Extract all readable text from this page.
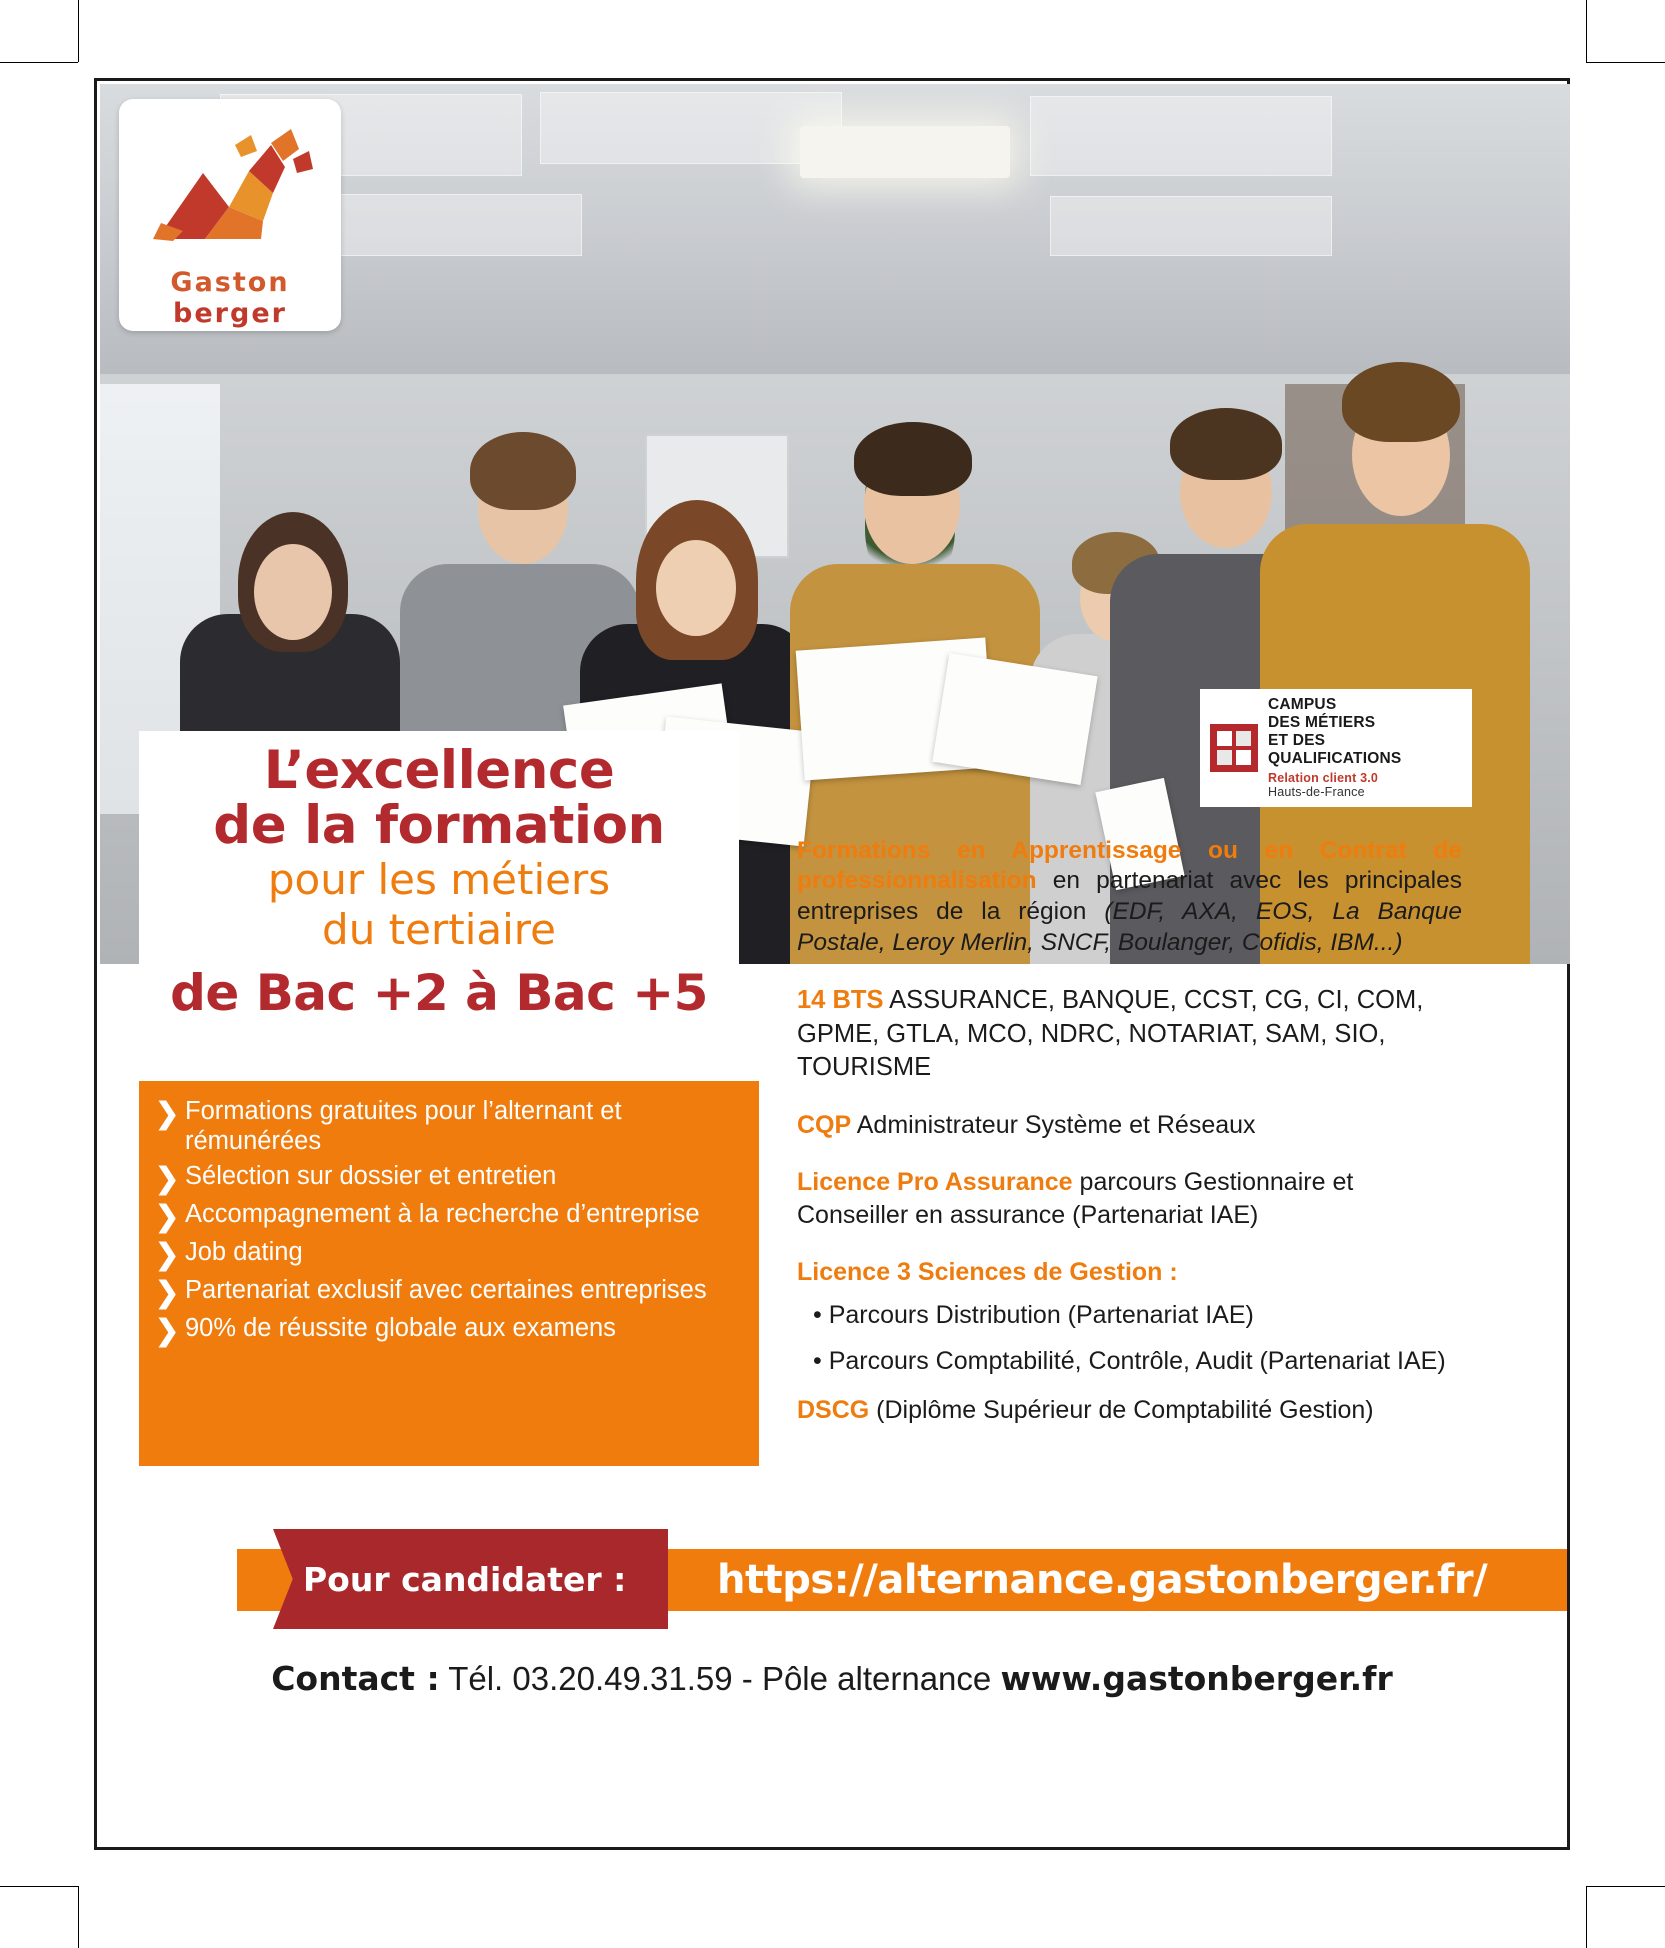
Gaston
berger
CAMPUS
DES MÉTIERS
ET DES
QUALIFICATIONS
Relation client 3.0
Hauts-de-France
L’excellence
de la formation
pour les métiers
du tertiaire
de Bac +2 à Bac +5
❯ Formations gratuites pour l’alternant et rémunérées
❯ Sélection sur dossier et entretien
❯ Accompagnement à la recherche d’entreprise
❯ Job dating
❯ Partenariat exclusif avec certaines entreprises
❯ 90% de réussite globale aux examens

Formations en Apprentissage ou en Contrat de professionnalisation en partenariat avec les principales entreprises de la région (EDF, AXA, EOS, La Banque Postale, Leroy Merlin, SNCF, Boulanger, Cofidis, IBM...)

14 BTS ASSURANCE, BANQUE, CCST, CG, CI, COM, GPME, GTLA, MCO, NDRC, NOTARIAT, SAM, SIO, TOURISME

CQP Administrateur Système et Réseaux

Licence Pro Assurance parcours Gestionnaire et Conseiller en assurance (Partenariat IAE)

Licence 3 Sciences de Gestion :

• Parcours Distribution (Partenariat IAE)

• Parcours Comptabilité, Contrôle, Audit (Partenariat IAE)

DSCG (Diplôme Supérieur de Comptabilité Gestion)

Pour candidater :	https://alternance.gastonberger.fr/
Contact : Tél. 03.20.49.31.59 - Pôle alternance www.gastonberger.fr
